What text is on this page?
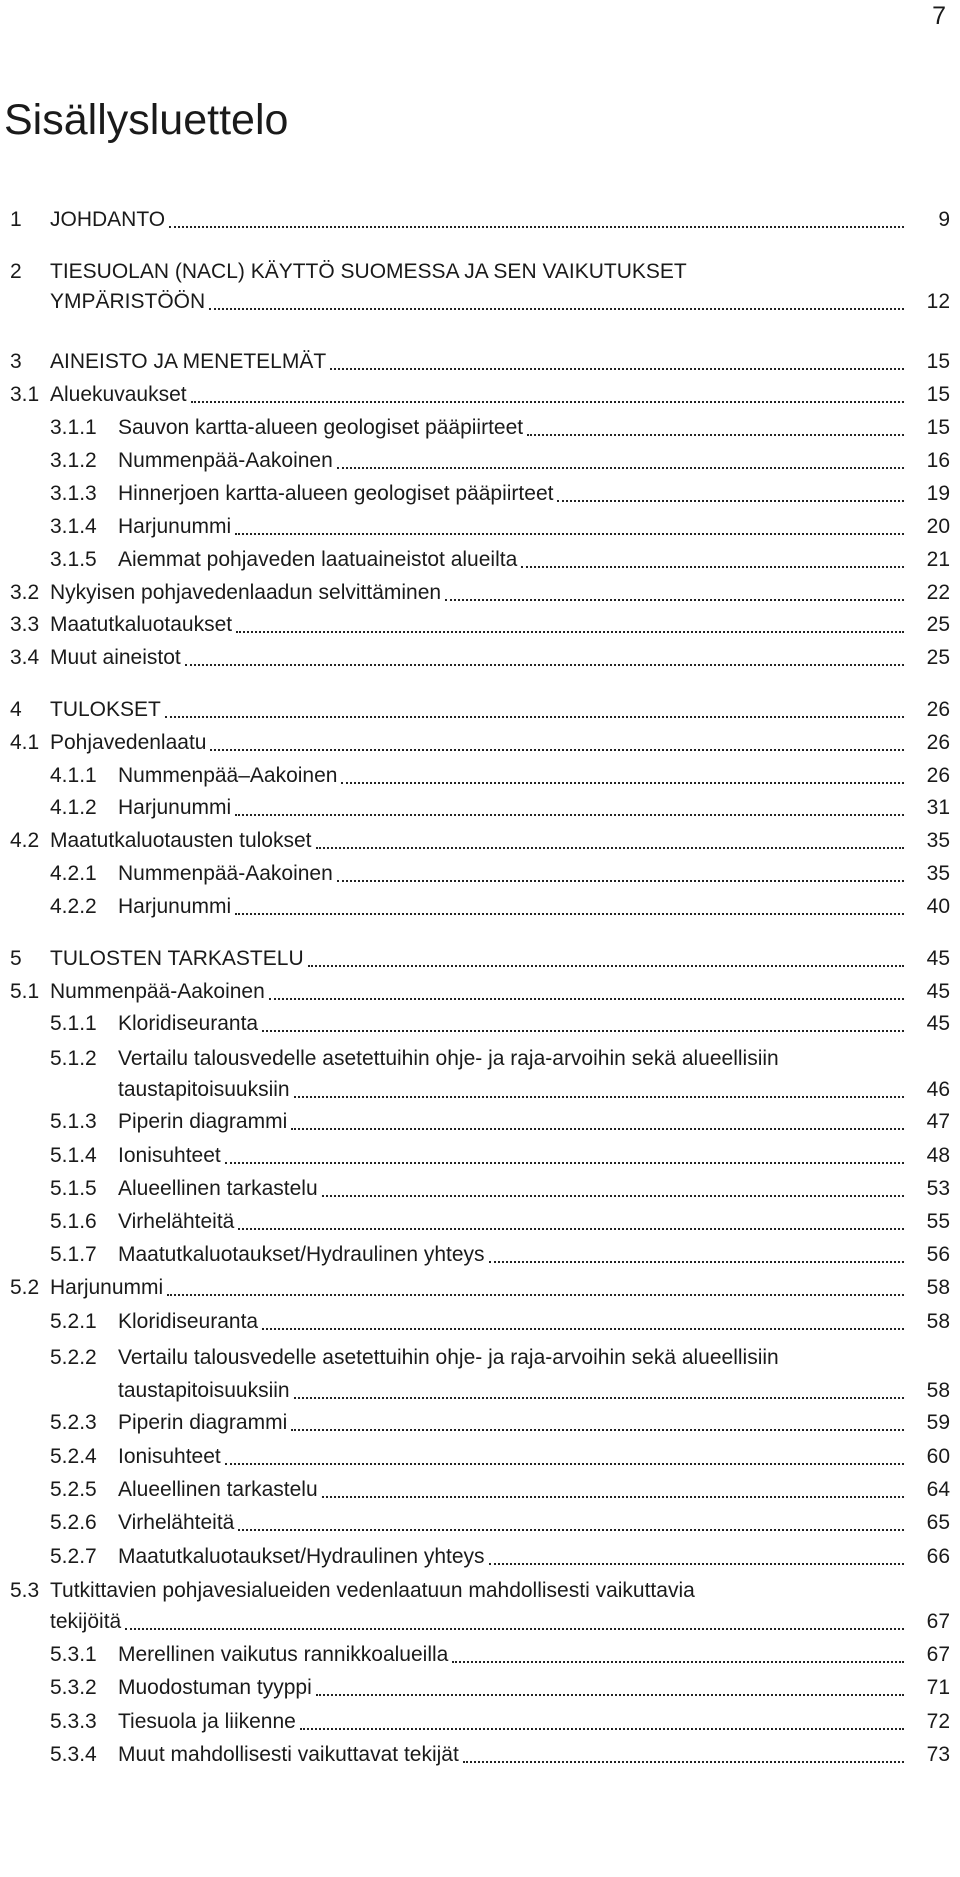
7
Sisällysluettelo
1 JOHDANTO	9
2 TIESUOLAN (NACL) KÄYTTÖ SUOMESSA JA SEN VAIKUTUKSET
YMPÄRISTÖÖN	12
3 AINEISTO JA MENETELMÄT	15
3.1 Aluekuvaukset	15
3.1.1 Sauvon kartta-alueen geologiset pääpiirteet	15
3.1.2 Nummenpää-Aakoinen	16
3.1.3 Hinnerjoen kartta-alueen geologiset pääpiirteet	19
3.1.4 Harjunummi	20
3.1.5 Aiemmat pohjaveden laatuaineistot alueilta	21
3.2 Nykyisen pohjavedenlaadun selvittäminen	22
3.3 Maatutkaluotaukset	25
3.4 Muut aineistot	25
4 TULOKSET	26
4.1 Pohjavedenlaatu	26
4.1.1 Nummenpää–Aakoinen	26
4.1.2 Harjunummi	31
4.2 Maatutkaluotausten tulokset	35
4.2.1 Nummenpää-Aakoinen	35
4.2.2 Harjunummi	40
5 TULOSTEN TARKASTELU	45
5.1 Nummenpää-Aakoinen	45
5.1.1 Kloridiseuranta	45
5.1.2 Vertailu talousvedelle asetettuihin ohje- ja raja-arvoihin sekä alueellisiin
taustapitoisuuksiin	46
5.1.3 Piperin diagrammi	47
5.1.4 Ionisuhteet	48
5.1.5 Alueellinen tarkastelu	53
5.1.6 Virhelähteitä	55
5.1.7 Maatutkaluotaukset/Hydraulinen yhteys	56
5.2 Harjunummi	58
5.2.1 Kloridiseuranta	58
5.2.2 Vertailu talousvedelle asetettuihin ohje- ja raja-arvoihin sekä alueellisiin
taustapitoisuuksiin	58
5.2.3 Piperin diagrammi	59
5.2.4 Ionisuhteet	60
5.2.5 Alueellinen tarkastelu	64
5.2.6 Virhelähteitä	65
5.2.7 Maatutkaluotaukset/Hydraulinen yhteys	66
5.3 Tutkittavien pohjavesialueiden vedenlaatuun mahdollisesti vaikuttavia
tekijöitä	67
5.3.1 Merellinen vaikutus rannikkoalueilla	67
5.3.2 Muodostuman tyyppi	71
5.3.3 Tiesuola ja liikenne	72
5.3.4 Muut mahdollisesti vaikuttavat tekijät	73
